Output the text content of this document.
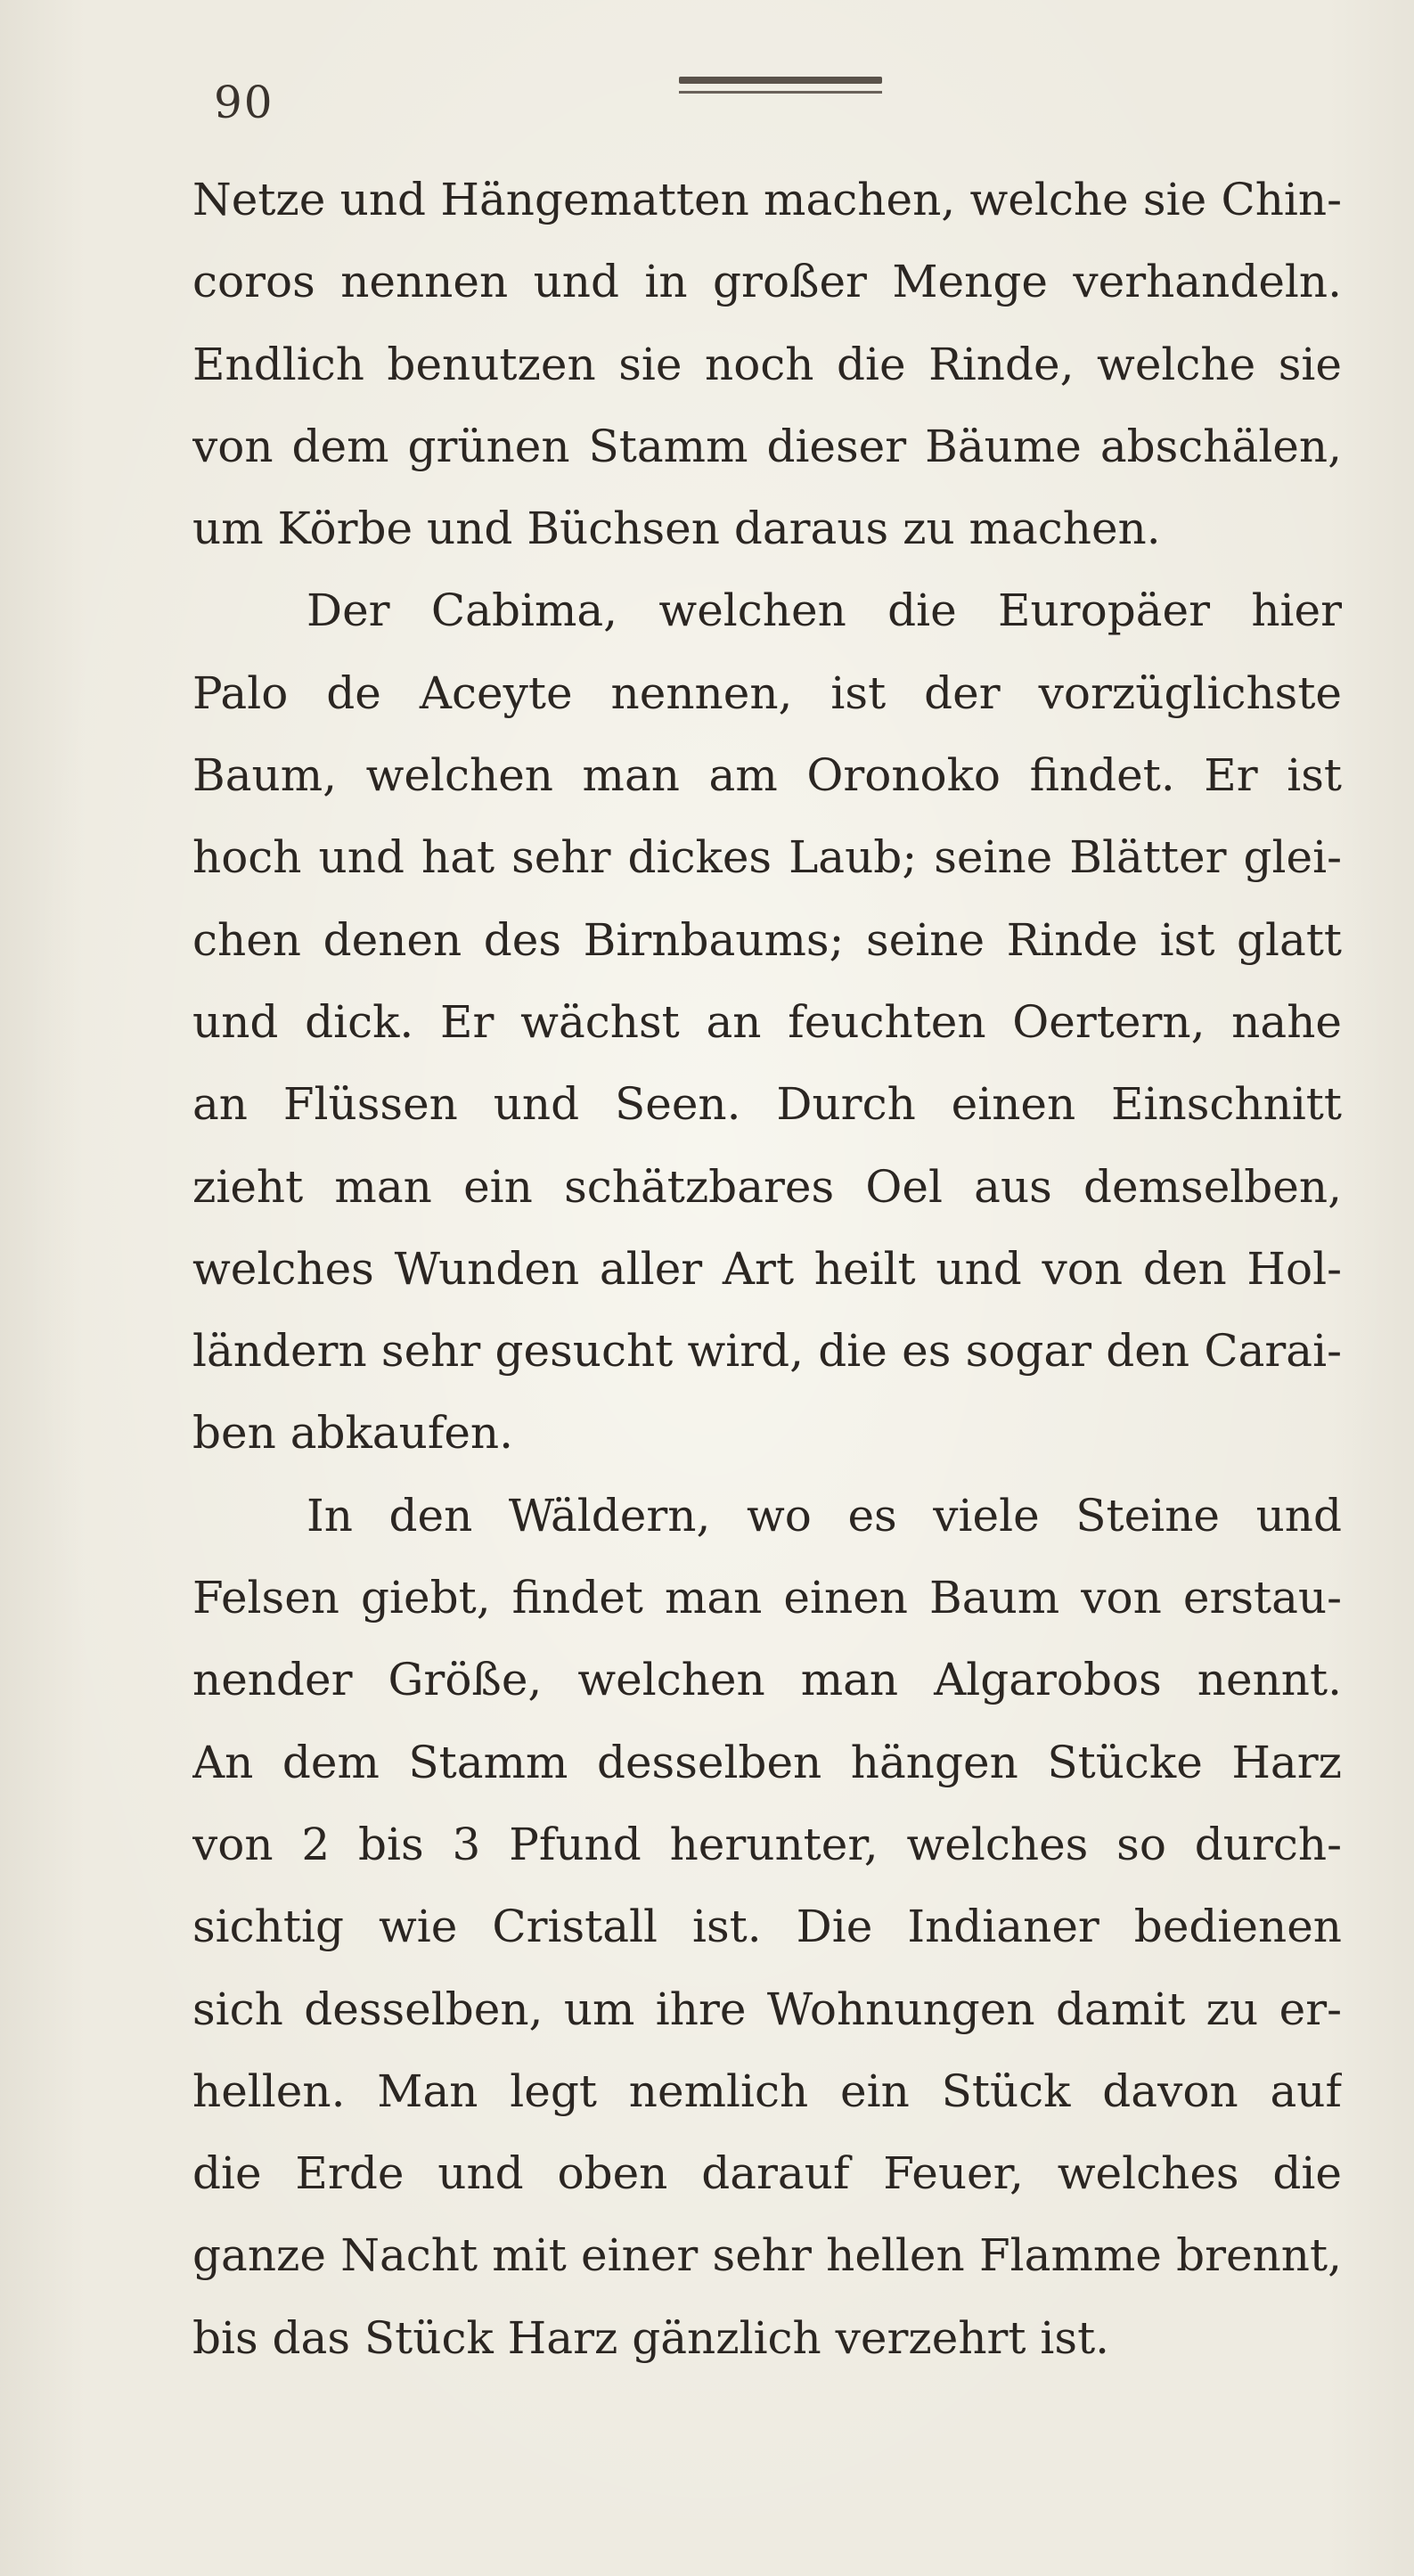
90
Netze und Hängematten machen, welche sie Chin-
coros nennen und in großer Menge verhandeln.
Endlich benutzen sie noch die Rinde, welche sie
von dem grünen Stamm dieser Bäume abschälen,
um Körbe und Büchsen daraus zu machen.
Der Cabima, welchen die Europäer hier
Palo de Aceyte nennen, ist der vorzüglichste
Baum, welchen man am Oronoko findet. Er ist
hoch und hat sehr dickes Laub; seine Blätter glei-
chen denen des Birnbaums; seine Rinde ist glatt
und dick. Er wächst an feuchten Oertern, nahe
an Flüssen und Seen. Durch einen Einschnitt
zieht man ein schätzbares Oel aus demselben,
welches Wunden aller Art heilt und von den Hol-
ländern sehr gesucht wird, die es sogar den Carai-
ben abkaufen.
In den Wäldern, wo es viele Steine und
Felsen giebt, findet man einen Baum von erstau-
nender Größe, welchen man Algarobos nennt.
An dem Stamm desselben hängen Stücke Harz
von 2 bis 3 Pfund herunter, welches so durch-
sichtig wie Cristall ist. Die Indianer bedienen
sich desselben, um ihre Wohnungen damit zu er-
hellen. Man legt nemlich ein Stück davon auf
die Erde und oben darauf Feuer, welches die
ganze Nacht mit einer sehr hellen Flamme brennt,
bis das Stück Harz gänzlich verzehrt ist.
